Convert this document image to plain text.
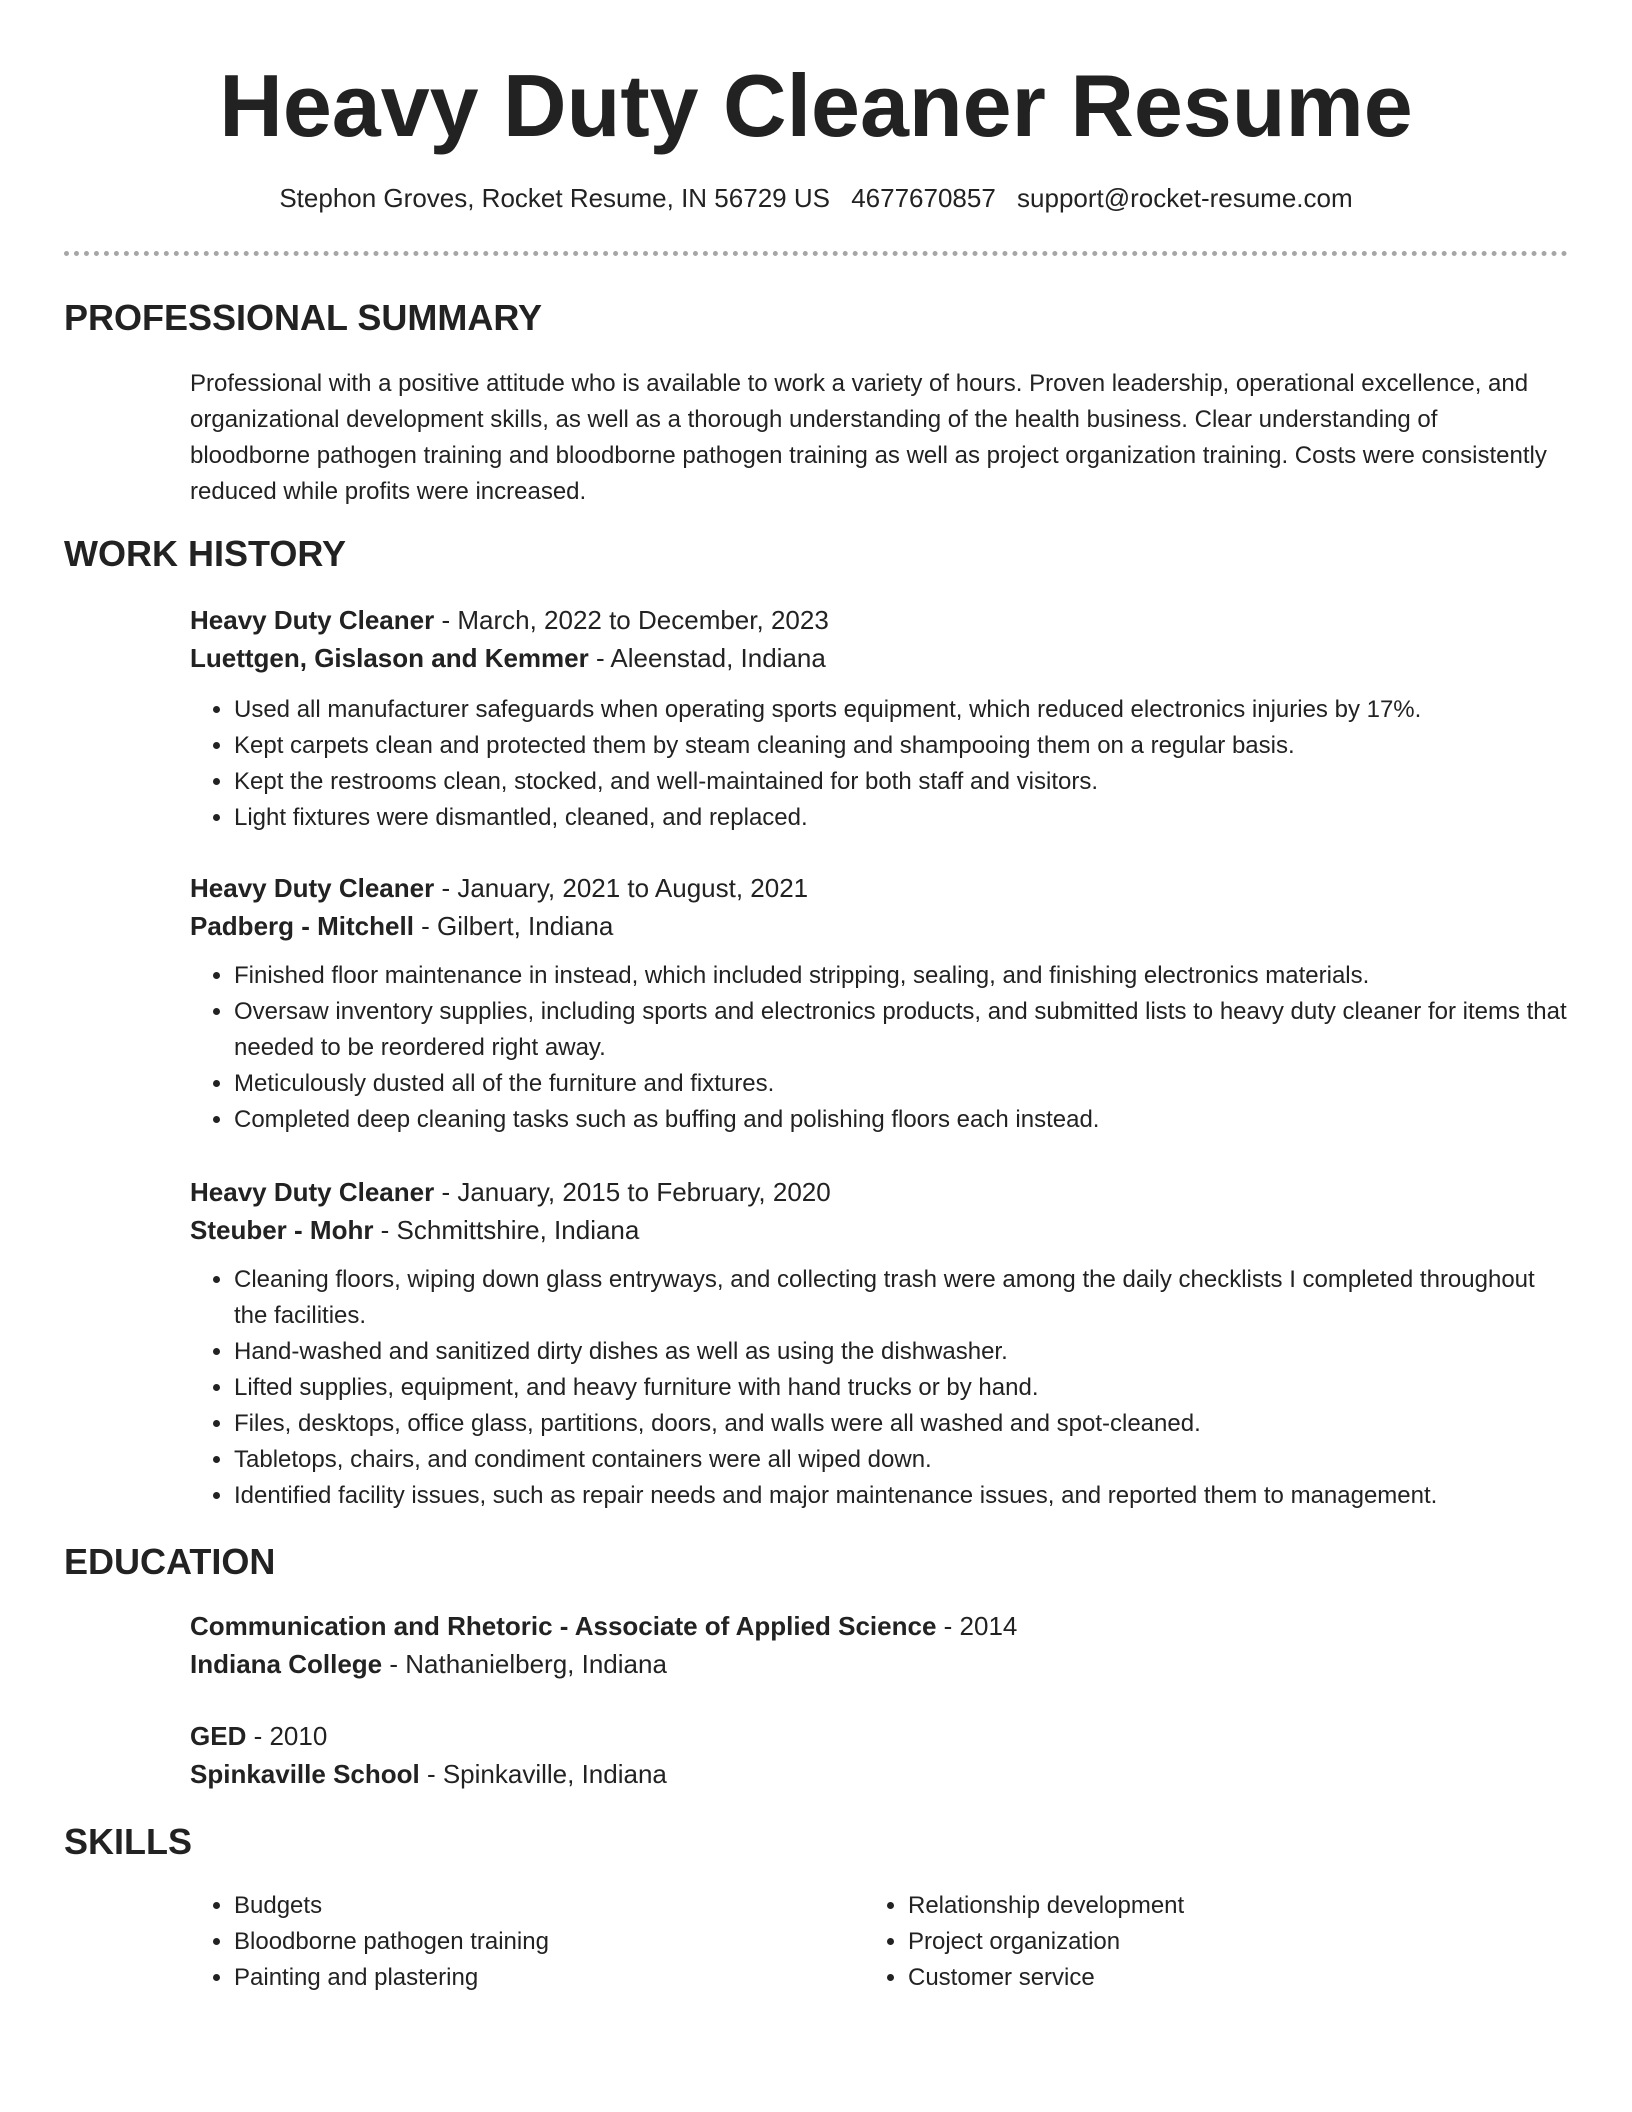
Heavy Duty Cleaner Resume
Stephon Groves, Rocket Resume, IN 56729 US 4677670857 support@rocket-resume.com
PROFESSIONAL SUMMARY
Professional with a positive attitude who is available to work a variety of hours. Proven leadership, operational excellence, and organizational development skills, as well as a thorough understanding of the health business. Clear understanding of bloodborne pathogen training and bloodborne pathogen training as well as project organization training. Costs were consistently reduced while profits were increased.
WORK HISTORY
Heavy Duty Cleaner - March, 2022 to December, 2023
Luettgen, Gislason and Kemmer - Aleenstad, Indiana
• Used all manufacturer safeguards when operating sports equipment, which reduced electronics injuries by 17%.
• Kept carpets clean and protected them by steam cleaning and shampooing them on a regular basis.
• Kept the restrooms clean, stocked, and well-maintained for both staff and visitors.
• Light fixtures were dismantled, cleaned, and replaced.
Heavy Duty Cleaner - January, 2021 to August, 2021
Padberg - Mitchell - Gilbert, Indiana
• Finished floor maintenance in instead, which included stripping, sealing, and finishing electronics materials.
• Oversaw inventory supplies, including sports and electronics products, and submitted lists to heavy duty cleaner for items that needed to be reordered right away.
• Meticulously dusted all of the furniture and fixtures.
• Completed deep cleaning tasks such as buffing and polishing floors each instead.
Heavy Duty Cleaner - January, 2015 to February, 2020
Steuber - Mohr - Schmittshire, Indiana
• Cleaning floors, wiping down glass entryways, and collecting trash were among the daily checklists I completed throughout the facilities.
• Hand-washed and sanitized dirty dishes as well as using the dishwasher.
• Lifted supplies, equipment, and heavy furniture with hand trucks or by hand.
• Files, desktops, office glass, partitions, doors, and walls were all washed and spot-cleaned.
• Tabletops, chairs, and condiment containers were all wiped down.
• Identified facility issues, such as repair needs and major maintenance issues, and reported them to management.
EDUCATION
Communication and Rhetoric - Associate of Applied Science - 2014
Indiana College - Nathanielberg, Indiana
GED - 2010
Spinkaville School - Spinkaville, Indiana
SKILLS
• Budgets
• Bloodborne pathogen training
• Painting and plastering
• Relationship development
• Project organization
• Customer service
